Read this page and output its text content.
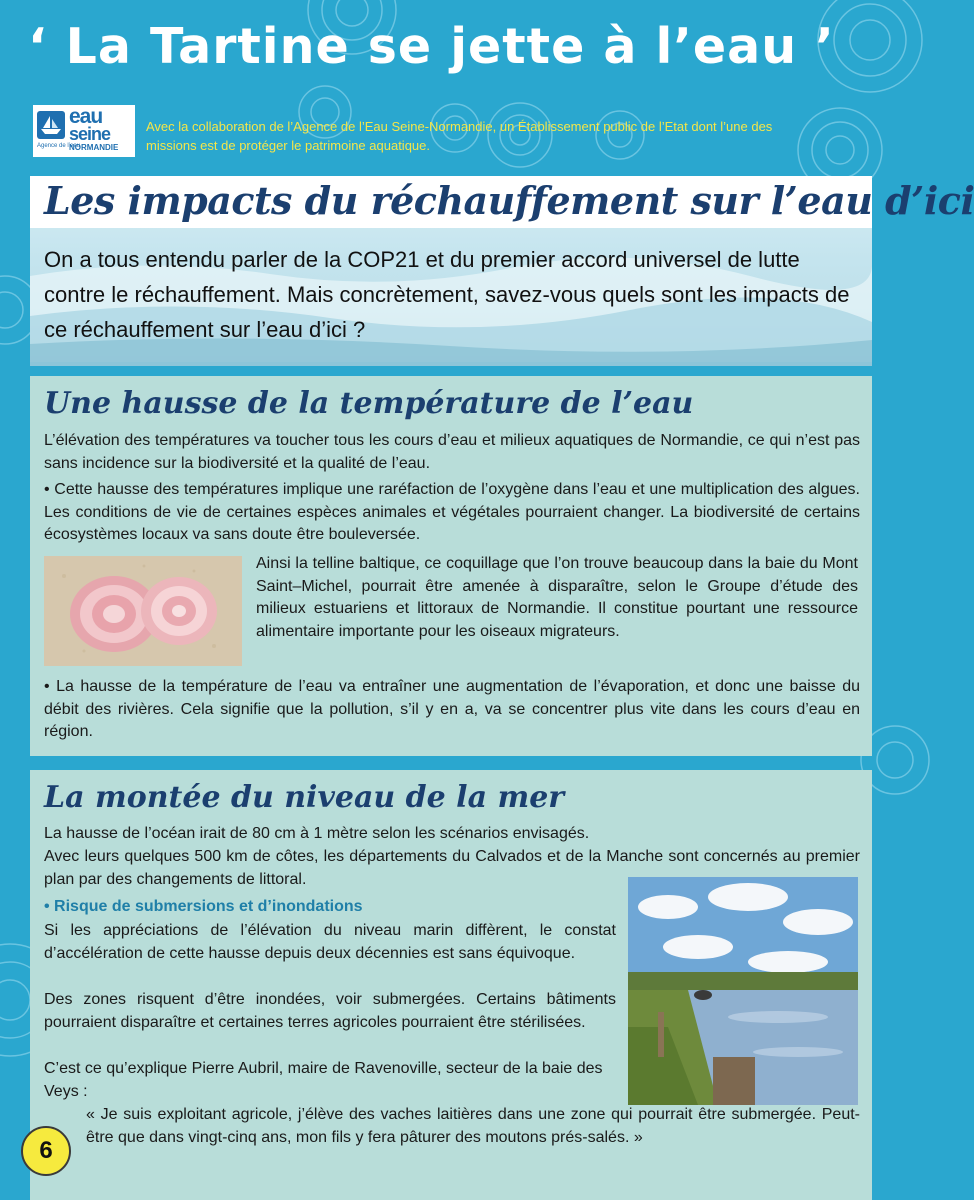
‘ La Tartine se jette à l’eau ’
eau
seine
NORMANDIE
Agence de l’eau

Avec la collaboration de l’Agence de l’Eau Seine-Normandie, un Établissement public de l’Etat dont l’une des missions est de protéger le patrimoine aquatique.

Les impacts du réchauffement sur l’eau d’ici

On a tous entendu parler de la COP21 et du premier accord universel de lutte contre le réchauffement. Mais concrètement, savez-vous quels sont les impacts de ce réchauffement sur l’eau d’ici ?

Une hausse de la température de l’eau

L’élévation des températures va toucher tous les cours d’eau et milieux aquatiques de Normandie, ce qui n’est pas sans incidence sur la biodiversité et la qualité de l’eau.

• Cette hausse des températures implique une raréfaction de l’oxygène dans l’eau et une multiplication des algues. Les conditions de vie de certaines espèces animales et végétales pourraient changer. La biodiversité de certains écosystèmes locaux va sans doute être bouleversée.

Ainsi la telline baltique, ce coquillage que l’on trouve beaucoup dans la baie du Mont Saint–Michel, pourrait être amenée à disparaître, selon le Groupe d’étude des milieux estuariens et littoraux de Normandie. Il constitue pourtant une ressource alimentaire importante pour les oiseaux migrateurs.

• La hausse de la température de l’eau va entraîner une augmentation de l’évaporation, et donc une baisse du débit des rivières. Cela signifie que la pollution, s’il y en a, va se concentrer plus vite dans les cours d’eau en région.

La montée du niveau de la mer

La hausse de l’océan irait de 80 cm à 1 mètre selon les scénarios envisagés.

Avec leurs quelques 500 km de côtes, les départements du Calvados et de la Manche sont concernés au premier plan par des changements de littoral.

• Risque de submersions et d’inondations

Si les appréciations de l’élévation du niveau marin diffèrent, le constat d’accélération de cette hausse depuis deux décennies est sans équivoque.

Des zones risquent d’être inondées, voir submergées. Certains bâtiments pourraient disparaître et certaines terres agricoles pourraient être stérilisées.

C’est ce qu’explique Pierre Aubril, maire de Ravenoville, secteur de la baie des Veys :

« Je suis exploitant agricole, j’élève des vaches laitières dans une zone qui pourrait être submergée. Peut-être que dans vingt-cinq ans, mon fils y fera pâturer des moutons prés-salés. »

6
